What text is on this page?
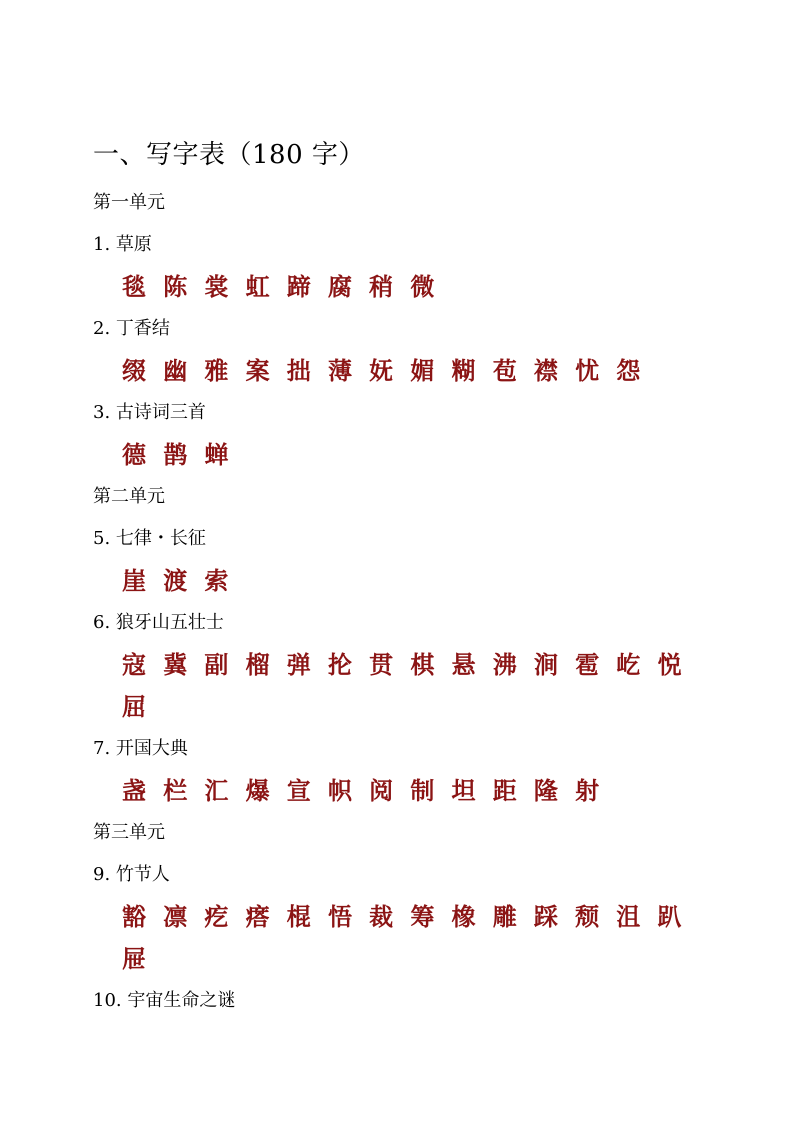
一、写字表（180 字）
第一单元
1. 草原
毯 陈 裳 虹 蹄 腐 稍 微
2. 丁香结
缀 幽 雅 案 拙 薄 妩 媚 糊 苞 襟 忧 怨
3. 古诗词三首
德 鹊 蝉
第二单元
5. 七律・长征
崖 渡 索
6. 狼牙山五壮士
寇 冀 副 榴 弹 抡 贯 棋 悬 沸 涧 雹 屹 悦
屈
7. 开国大典
盏 栏 汇 爆 宣 帜 阅 制 坦 距 隆 射
第三单元
9. 竹节人
豁 凛 疙 瘩 棍 悟 裁 筹 橡 雕 踩 颓 沮 趴
屉
10. 宇宙生命之谜
